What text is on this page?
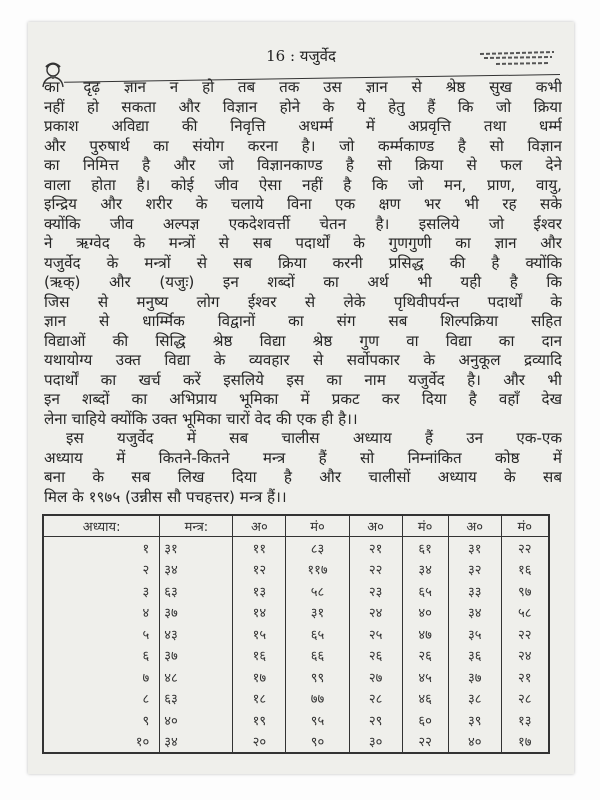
16 : यजुर्वेद
का दृढ़ ज्ञान न हो तब तक उस ज्ञान से श्रेष्ठ सुख कभी
नहीं हो सकता और विज्ञान होने के ये हेतु हैं कि जो क्रिया
प्रकाश अविद्या की निवृत्ति अधर्म्म में अप्रवृत्ति तथा धर्म्म
और पुरुषार्थ का संयोग करना है। जो कर्म्मकाण्ड है सो विज्ञान
का निमित्त है और जो विज्ञानकाण्ड है सो क्रिया से फल देने
वाला होता है। कोई जीव ऐसा नहीं है कि जो मन, प्राण, वायु,
इन्द्रिय और शरीर के चलाये विना एक क्षण भर भी रह सके
क्योंकि जीव अल्पज्ञ एकदेशवर्त्ती चेतन है। इसलिये जो ईश्वर
ने ऋग्वेद के मन्त्रों से सब पदार्थों के गुणगुणी का ज्ञान और
यजुर्वेद के मन्त्रों से सब क्रिया करनी प्रसिद्ध की है क्योंकि
(ऋक्) और (यजुः) इन शब्दों का अर्थ भी यही है कि
जिस से मनुष्य लोग ईश्वर से लेके पृथिवीपर्यन्त पदार्थों के
ज्ञान से धार्म्मिक विद्वानों का संग सब शिल्पक्रिया सहित
विद्याओं की सिद्धि श्रेष्ठ विद्या श्रेष्ठ गुण वा विद्या का दान
यथायोग्य उक्त विद्या के व्यवहार से सर्वोपकार के अनुकूल द्रव्यादि
पदार्थों का खर्च करें इसलिये इस का नाम यजुर्वेद है। और भी
इन शब्दों का अभिप्राय भूमिका में प्रकट कर दिया है वहाँ देख
लेना चाहिये क्योंकि उक्त भूमिका चारों वेद की एक ही है।।
इस यजुर्वेद में सब चालीस अध्याय हैं उन एक-एक
अध्याय में कितने-कितने मन्त्र हैं सो निम्नांकित कोष्ठ में
बना के सब लिख दिया है और चालीसों अध्याय के सब
मिल के १९७५ (उन्नीस सौ पचहत्तर) मन्त्र हैं।।
अध्याय:	मन्त्र:	अ०	मं०	अ०	मं०	अ०	मं०
१	३१	११	८३	२१	६१	३१	२२
२	३४	१२	११७	२२	३४	३२	१६
३	६३	१३	५८	२३	६५	३३	९७
४	३७	१४	३१	२४	४०	३४	५८
५	४३	१५	६५	२५	४७	३५	२२
६	३७	१६	६६	२६	२६	३६	२४
७	४८	१७	९९	२७	४५	३७	२१
८	६३	१८	७७	२८	४६	३८	२८
९	४०	१९	९५	२९	६०	३९	१३
१०	३४	२०	९०	३०	२२	४०	१७
